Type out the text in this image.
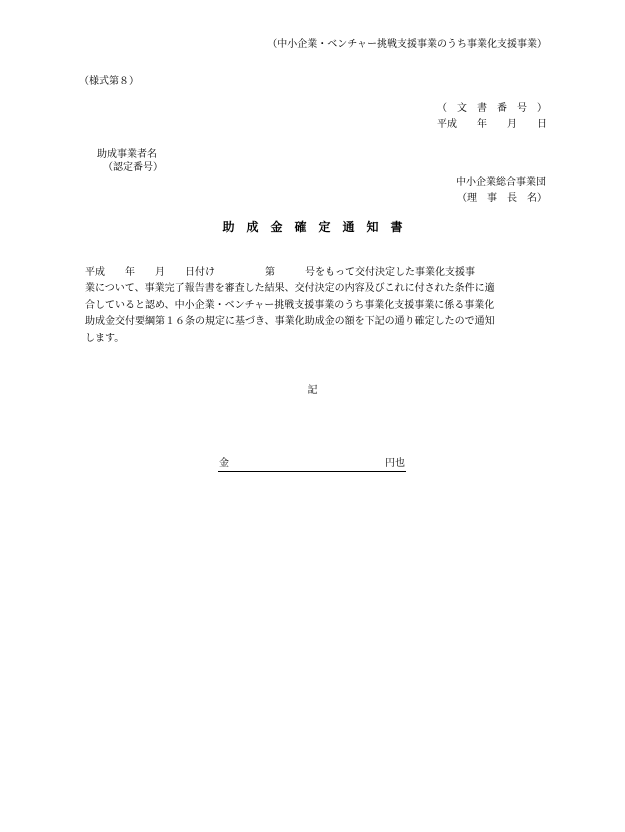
（中小企業・ベンチャー挑戦支援事業のうち事業化支援事業）
（様式第８）
（　文　書　番　号　）
平成　　年　　月　　日
助成事業者名
（認定番号）
中小企業総合事業団
（理　事　長　名）
助　成　金　確　定　通　知　書
平成　　年　　月　　日付け　　　　　第　　　号をもって交付決定した事業化支援事
業について、事業完了報告書を審査した結果、交付決定の内容及びこれに付された条件に適
合していると認め、中小企業・ベンチャー挑戦支援事業のうち事業化支援事業に係る事業化
助成金交付要綱第１６条の規定に基づき、事業化助成金の額を下記の通り確定したので通知
します。
記
金	円也
